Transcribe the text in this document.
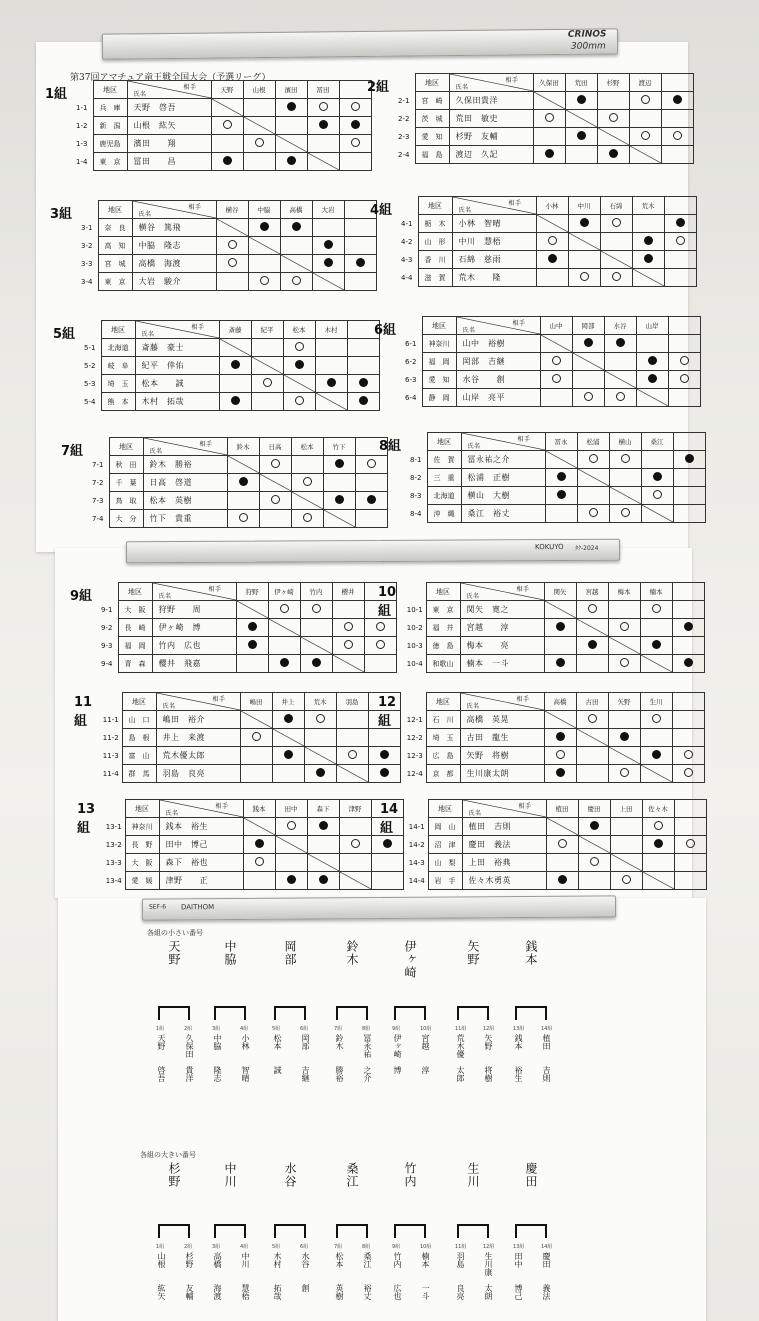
CRINOS
300mm
KOKUYO ﾀｸ-2024
SEF-6 DAITHOM
第37回アマチュア竜王戦全国大会（予選リーグ）
1組
		地区	氏名
相手	天野	山根	濱田	冨田	
1-1	兵　庫	天野　啓吾	

1-2	新　潟	山根　紘矢		

1-3	鹿児島	濱田　　翔			

1-4	東　京	冨田　　昌				

2組
		地区	氏名
相手	久保田	荒田	杉野	渡辺	
2-1	宮　崎	久保田貴洋	

2-2	茨　城	荒田　敏史		

2-3	愛　知	杉野　友輔			

2-4	福　島	渡辺　久記				

3組
		地区	氏名
相手	横谷	中脇	高橋	大岩	
3-1	奈　良	横谷　篤飛	

3-2	高　知	中脇　隆志		

3-3	宮　城	高橋　海渡			

3-4	東　京	大岩　駿介				

4組
		地区	氏名
相手	小林	中川	石綿	荒木	
4-1	栃　木	小林　智晴	

4-2	山　形	中川　慧梧		

4-3	香　川	石綿　慈雨			

4-4	滋　賀	荒木　　隆				

5組
		地区	氏名
相手	斎藤	紀平	松本	木村	
5-1	北海道	斎藤　豪士	

5-2	岐　阜	紀平　倖佑		

5-3	埼　玉	松本　　誠			

5-4	熊　本	木村　拓哉				

6組
		地区	氏名
相手	山中	岡部	水谷	山岸	
6-1	神奈川	山中　裕樹	

6-2	福　岡	岡部　吉継		

6-3	愛　知	水谷　　創			

6-4	静　岡	山岸　亮平				

7組
		地区	氏名
相手	鈴木	日高	松本	竹下	
7-1	秋　田	鈴木　勝裕	

7-2	千　葉	日高　啓道		

7-3	鳥　取	松本　英樹			

7-4	大　分	竹下　貴重				

8組
		地区	氏名
相手	冨永	松浦	横山	桑江	
8-1	佐　賀	冨永祐之介	

8-2	三　重	松浦　正樹		

8-3	北海道	横山　大樹			

8-4	沖　縄	桑江　裕丈				

9組
		地区	氏名
相手	狩野	伊ヶ崎	竹内	櫻井	
9-1	大　阪	狩野　　周	

9-2	長　崎	伊ヶ崎　博		

9-3	福　岡	竹内　広也			

9-4	青　森	櫻井　飛嘉				

10組
	地区	氏名
相手	関矢	宮越	梅本	楠本	
10-1	東　京	関矢　寛之	

10-2	福　井	宮越　　淳		

10-3	徳　島	梅本　　亮			

10-4	和歌山	楠本　一斗				

11組
	地区	氏名
相手	嶋田	井上	荒木	羽島	
11-1	山　口	嶋田　裕介	

11-2	島　根	井上　来渡		

11-3	富　山	荒木優太郎			

11-4	群　馬	羽島　良亮				

12組
	地区	氏名
相手	高橋	古田	矢野	生川	
12-1	石　川	高橋　英晃	

12-2	埼　玉	古田　龍生		

12-3	広　島	矢野　将樹			

12-4	京　都	生川康太朗				

13組
	地区	氏名
相手	銭本	田中	森下	津野	
13-1	神奈川	銭本　裕生	

13-2	長　野	田中　博己		

13-3	大　阪	森下　裕也			

13-4	愛　媛	津野　　正				

14組
	地区	氏名
相手	植田	慶田	上田	佐々木	
14-1	岡　山	植田　吉則	

14-2	沼　津	慶田　義法		

14-3	山　梨	上田　裕典			

14-4	岩　手	佐々木勇英				

各組の小さい番号
各組の大きい番号
天野	中脇	岡部	鈴木	伊ヶ崎	矢野	銭本
1組
天野
啓吾
2組
久保田
貴洋
3組
中脇
隆志
4組
小林
智晴
5組
松本
誠
6組
岡部
吉継
7組
鈴木
勝裕
8組
冨永祐
之介
9組
伊ヶ崎
博
10組
宮越
淳
11組
荒木優
太郎
12組
矢野
将樹
13組
銭本
裕生
14組
植田
吉則
杉野	中川	水谷	桑江	竹内	生川	慶田
1組
山根
紘矢
2組
杉野
友輔
3組
高橋
海渡
4組
中川
慧梧
5組
木村
拓哉
6組
水谷
創
7組
松本
英樹
8組
桑江
裕丈
9組
竹内
広也
10組
楠本
一斗
11組
羽島
良亮
12組
生川康
太朗
13組
田中
博己
14組
慶田
義法
